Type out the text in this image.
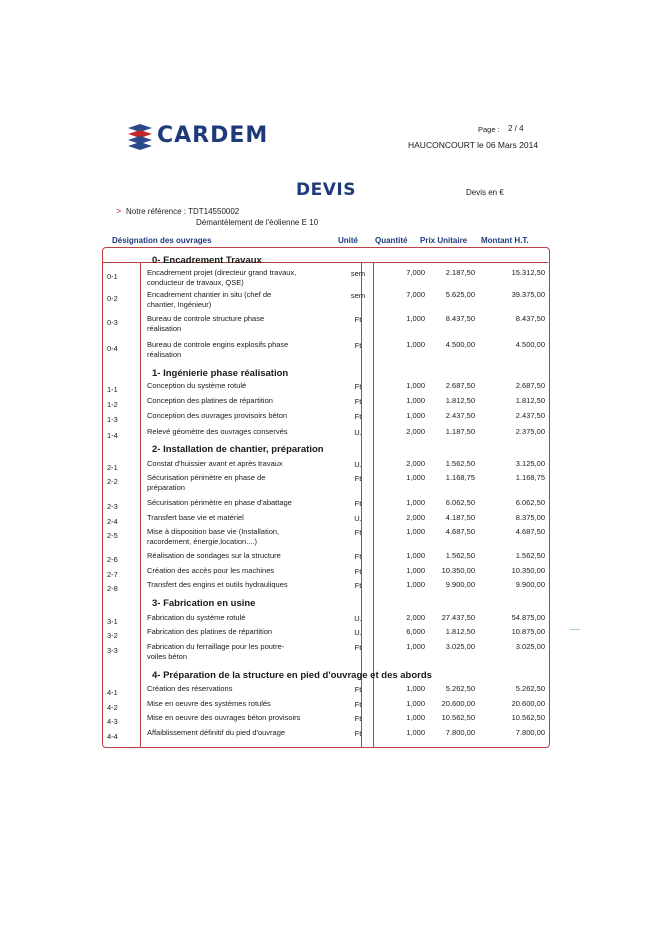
CARDEM	Page : 2 / 4
HAUCONCOURT le 06 Mars 2014
DEVIS	Devis en €
> Notre référence : TDT14550002
Démantèlement de l'éolienne E 10
Désignation des ouvrages	Unité Quantité Prix Unitaire Montant H.T.
0- Encadrement Travaux
0-1	Encadrement projet (directeur grand travaux,
conducteur de travaux, QSE)
sem	7,000	2.187,50	15.312,50
0-2	Encadrement chantier in situ (chef de
chantier, Ingénieur)
sem	7,000	5.625,00	39.375,00
0-3	Bureau de controle structure phase
réalisation
Ft	1,000	8.437,50	8.437,50
0-4	Bureau de controle engins explosifs phase
réalisation
Ft	1,000	4.500,00	4.500,00
1- Ingénierie phase réalisation
1-1	Conception du système rotulé	Ft	1,000	2.687,50	2.687,50
1-2	Conception des platines de répartition	Ft	1,000	1.812,50	1.812,50
1-3	Conception des ouvrages provisoirs béton	Ft	1,000	2.437,50	2.437,50
1-4	Relevé géomètre des ouvrages conservés	U.	2,000	1.187,50	2.375,00
2- Installation de chantier, préparation
2-1	Constat d'huissier avant et après travaux	U.	2,000	1.562,50	3.125,00
2-2	Sécurisation périmètre en phase de
préparation
Ft	1,000	1.168,75	1.168,75
2-3	Sécurisation périmètre en phase d'abattage	Ft	1,000	6.062,50	6.062,50
2-4	Transfert base vie et matériel	U.	2,000	4.187,50	8.375,00
2-5	Mise à disposition base vie (Installation,
racordement, énergie,location....)
Ft	1,000	4.687,50	4.687,50
2-6	Réalisation de sondages sur la structure	Ft	1,000	1.562,50	1.562,50
2-7	Création des accès pour les machines	Ft	1,000 10.350,00	10.350,00
2-8	Transfert des engins et outils hydrauliques	Ft	1,000	9.900,00	9.900,00
3- Fabrication en usine
3-1	Fabrication du système rotulé	U.	2,000 27.437,50	54.875,00
3-2	Fabrication des platines de répartition	U.	6,000	1.812,50	10.875,00
3-3	Fabrication du ferraillage pour les poutre-
voiles béton
Ft	1,000	3.025,00	3.025,00
4- Préparation de la structure en pied d'ouvrage et des abords
4-1	Création des réservations	Ft	1,000	5.262,50	5.262,50
4-2	Mise en oeuvre des systèmes rotulés	Ft	1,000 20.600,00	20.600,00
4-3	Mise en oeuvre des ouvrages béton provisoirs	Ft	1,000 10.562,50	10.562,50
4-4	Affaiblissement définitif du pied d'ouvrage	Ft	1,000	7.800,00	7.800,00
